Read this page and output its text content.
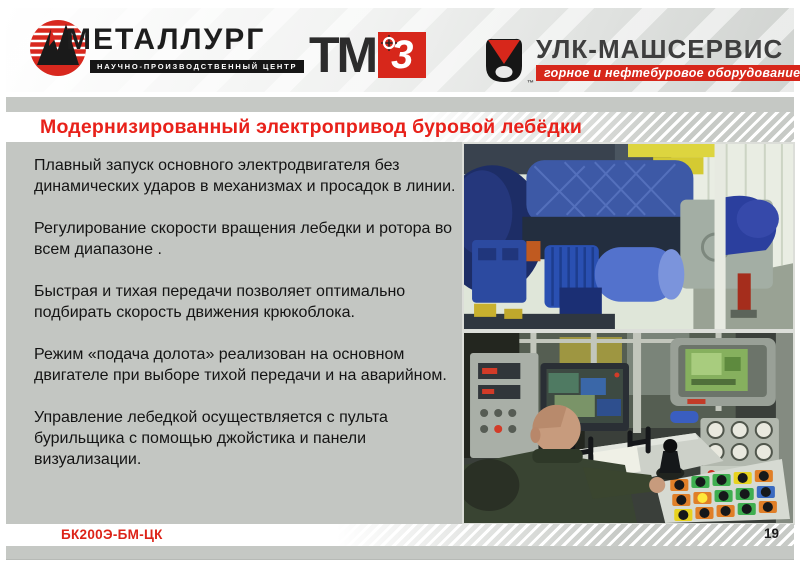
МЕТАЛЛУРГ
НАУЧНО-ПРОИЗВОДСТВЕННЫЙ ЦЕНТР ТМ 3
™
УЛК-МАШСЕРВИС
горное и нефтебуровое оборудование
Модернизированный электропривод буровой лебёдки

Плавный запуск основного электродвигателя без динамических ударов в механизмах и просадок в линии.

Регулирование скорости вращения лебедки и ротора во всем диапазоне .

Быстрая и тихая передачи позволяет оптимально подбирать скорость движения крюкоблока.

Режим «подача долота» реализован на основном двигателе при выборе тихой передачи и на аварийном.

Управление лебедкой осуществляется с пульта бурильщика с помощью джойстика и панели визуализации.

БК200Э-БМ-ЦК	19
